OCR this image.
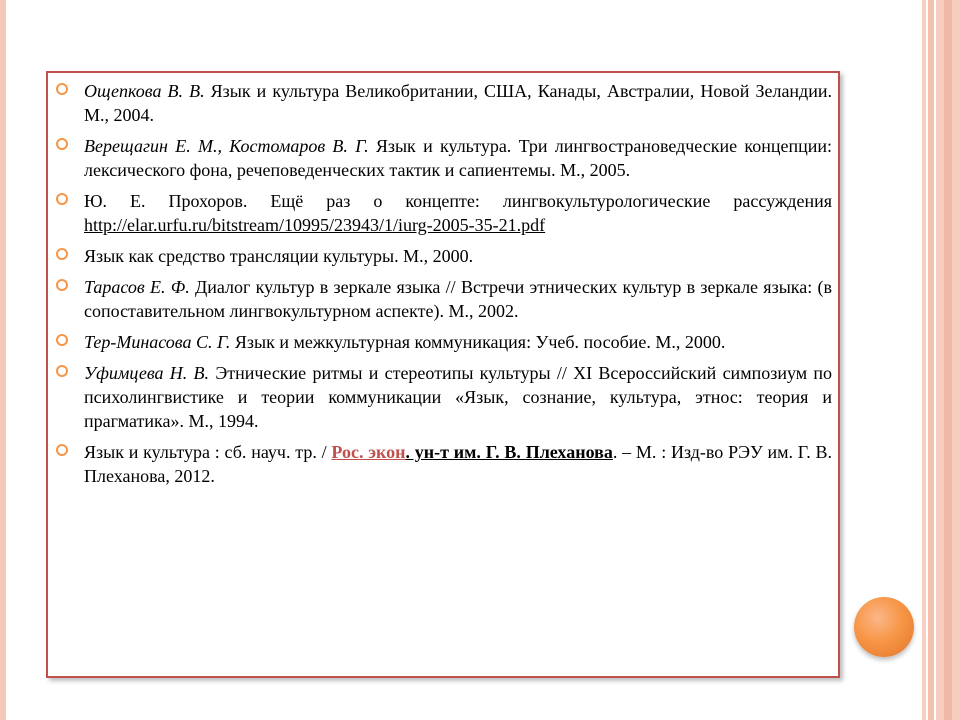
Ощепкова В. В. Язык и культура Великобритании, США, Канады, Австралии, Новой Зеландии. М., 2004.
Верещагин Е. М., Костомаров В. Г. Язык и культура. Три лингвострановедческие концепции: лексического фона, речеповеденческих тактик и сапиентемы. М., 2005.
Ю. Е. Прохоров. Ещё раз о концепте: лингвокультурологические рассуждения http://elar.urfu.ru/bitstream/10995/23943/1/iurg-2005-35-21.pdf
Язык как средство трансляции культуры. М., 2000.
Тарасов Е. Ф. Диалог культур в зеркале языка // Встречи этнических культур в зеркале языка: (в сопоставительном лингвокультурном аспекте). М., 2002.
Тер-Минасова С. Г. Язык и межкультурная коммуникация: Учеб. пособие. М., 2000.
Уфимцева Н. В. Этнические ритмы и стереотипы культуры // XI Всероссийский симпозиум по психолингвистике и теории коммуникации «Язык, сознание, культура, этнос: теория и прагматика». М., 1994.
Язык и культура : сб. науч. тр. / Рос. экон. ун-т им. Г. В. Плеханова. – М. : Изд-во РЭУ им. Г. В. Плеханова, 2012.
